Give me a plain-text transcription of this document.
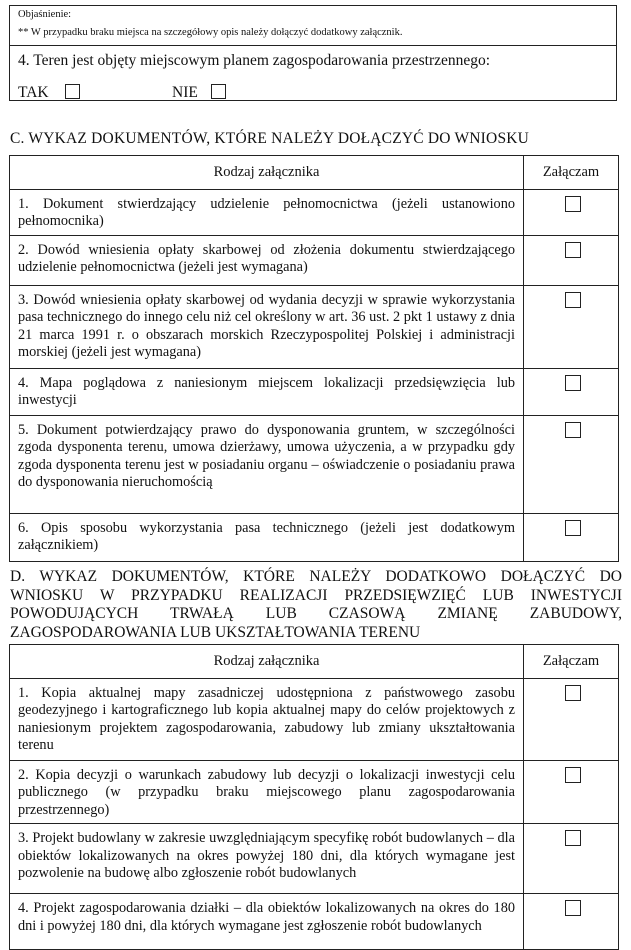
Objaśnienie:
** W przypadku braku miejsca na szczegółowy opis należy dołączyć dodatkowy załącznik.
4. Teren jest objęty miejscowym planem zagospodarowania przestrzennego:
TAK	NIE
C. WYKAZ DOKUMENTÓW, KTÓRE NALEŻY DOŁĄCZYĆ DO WNIOSKU
Rodzaj załącznika	Załączam
1. Dokument stwierdzający udzielenie pełnomocnictwa (jeżeli ustanowiono pełnomocnika)	

2. Dowód wniesienia opłaty skarbowej od złożenia dokumentu stwierdzającego udzielenie pełnomocnictwa (jeżeli jest wymagana)	

3. Dowód wniesienia opłaty skarbowej od wydania decyzji w sprawie wykorzystania pasa technicznego do innego celu niż cel określony w art. 36 ust. 2 pkt 1 ustawy z dnia 21 marca 1991 r. o obszarach morskich Rzeczypospolitej Polskiej i administracji morskiej (jeżeli jest wymagana)	

4. Mapa poglądowa z naniesionym miejscem lokalizacji przedsięwzięcia lub inwestycji	

5. Dokument potwierdzający prawo do dysponowania gruntem, w szczególności zgoda dysponenta terenu, umowa dzierżawy, umowa użyczenia, a w przypadku gdy zgoda dysponenta terenu jest w posiadaniu organu – oświadczenie o posiadaniu prawa do dysponowania nieruchomością	

6. Opis sposobu wykorzystania pasa technicznego (jeżeli jest dodatkowym załącznikiem)	
D. WYKAZ DOKUMENTÓW, KTÓRE NALEŻY DODATKOWO DOŁĄCZYĆ DO WNIOSKU W PRZYPADKU REALIZACJI PRZEDSIĘWZIĘĆ LUB INWESTYCJI POWODUJĄCYCH TRWAŁĄ LUB CZASOWĄ ZMIANĘ ZABUDOWY, ZAGOSPODAROWANIA LUB UKSZTAŁTOWANIA TERENU
Rodzaj załącznika	Załączam
1. Kopia aktualnej mapy zasadniczej udostępniona z państwowego zasobu geodezyjnego i kartograficznego lub kopia aktualnej mapy do celów projektowych z naniesionym projektem zagospodarowania, zabudowy lub zmiany ukształtowania terenu	

2. Kopia decyzji o warunkach zabudowy lub decyzji o lokalizacji inwestycji celu publicznego (w przypadku braku miejscowego planu zagospodarowania przestrzennego)	

3. Projekt budowlany w zakresie uwzględniającym specyfikę robót budowlanych – dla obiektów lokalizowanych na okres powyżej 180 dni, dla których wymagane jest pozwolenie na budowę albo zgłoszenie robót budowlanych	

4. Projekt zagospodarowania działki – dla obiektów lokalizowanych na okres do 180 dni i powyżej 180 dni, dla których wymagane jest zgłoszenie robót budowlanych	
